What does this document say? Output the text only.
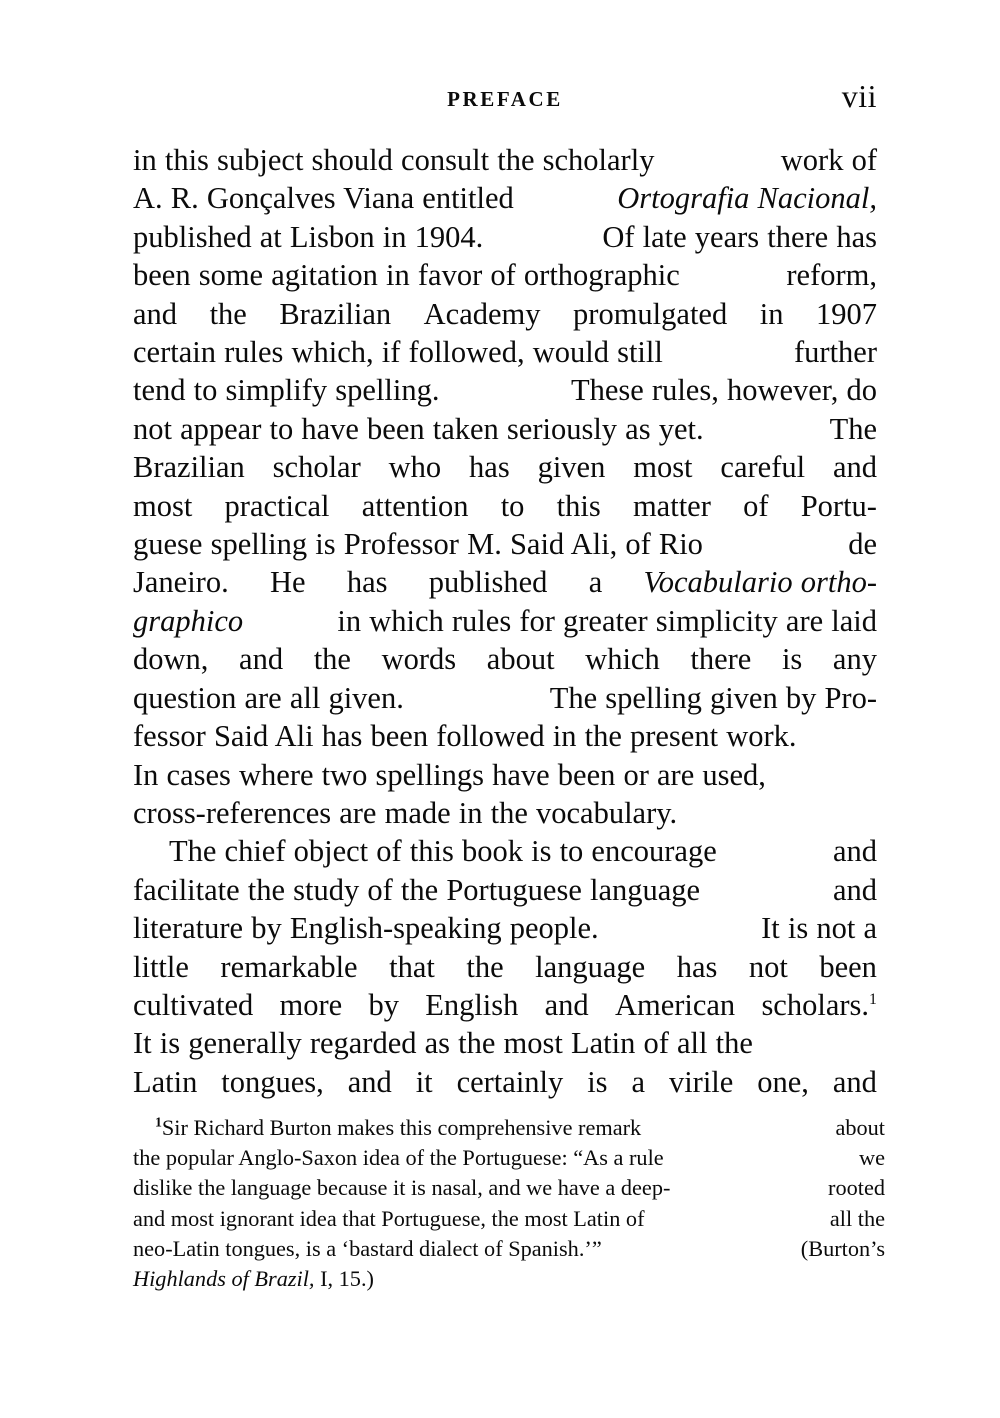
PREFACE	vii

in this subject should consult the scholarly	work of
A. R. Gonçalves Viana entitled	Ortografia Nacional,
published at Lisbon in 1904.	Of late years there has
been some agitation in favor of orthographic	reform,
and the Brazilian Academy promulgated in 1907
certain rules which, if followed, would still	further
tend to simplify spelling.	These rules, however, do
not appear to have been taken seriously as yet.	The
Brazilian scholar who has given most careful and
most practical attention to this matter of Portu-
guese spelling is Professor M. Said Ali, of Rio	de
Janeiro. He has published a Vocabulario ortho-
graphico	in which rules for greater simplicity are laid
down, and the words about which there is any
question are all given.	The spelling given by Pro-
fessor Said Ali has been followed in the present work.
In cases where two spellings have been or are used,
cross-references are made in the vocabulary.

The chief object of this book is to encourage	and
facilitate the study of the Portuguese language	and
literature by English-speaking people.	It is not a
little remarkable that the language has not been
cultivated more by English and American scholars.$^1$
It is generally regarded as the most Latin of all the
Latin tongues, and it certainly is a virile one, and

$^1$Sir Richard Burton makes this comprehensive remark	about
the popular Anglo-Saxon idea of the Portuguese: “As a rule	we
dislike the language because it is nasal, and we have a deep-	rooted
and most ignorant idea that Portuguese, the most Latin of	all the
neo-Latin tongues, is a ‘bastard dialect of Spanish.’”	(Burton’s
Highlands of Brazil, I, 15.)
